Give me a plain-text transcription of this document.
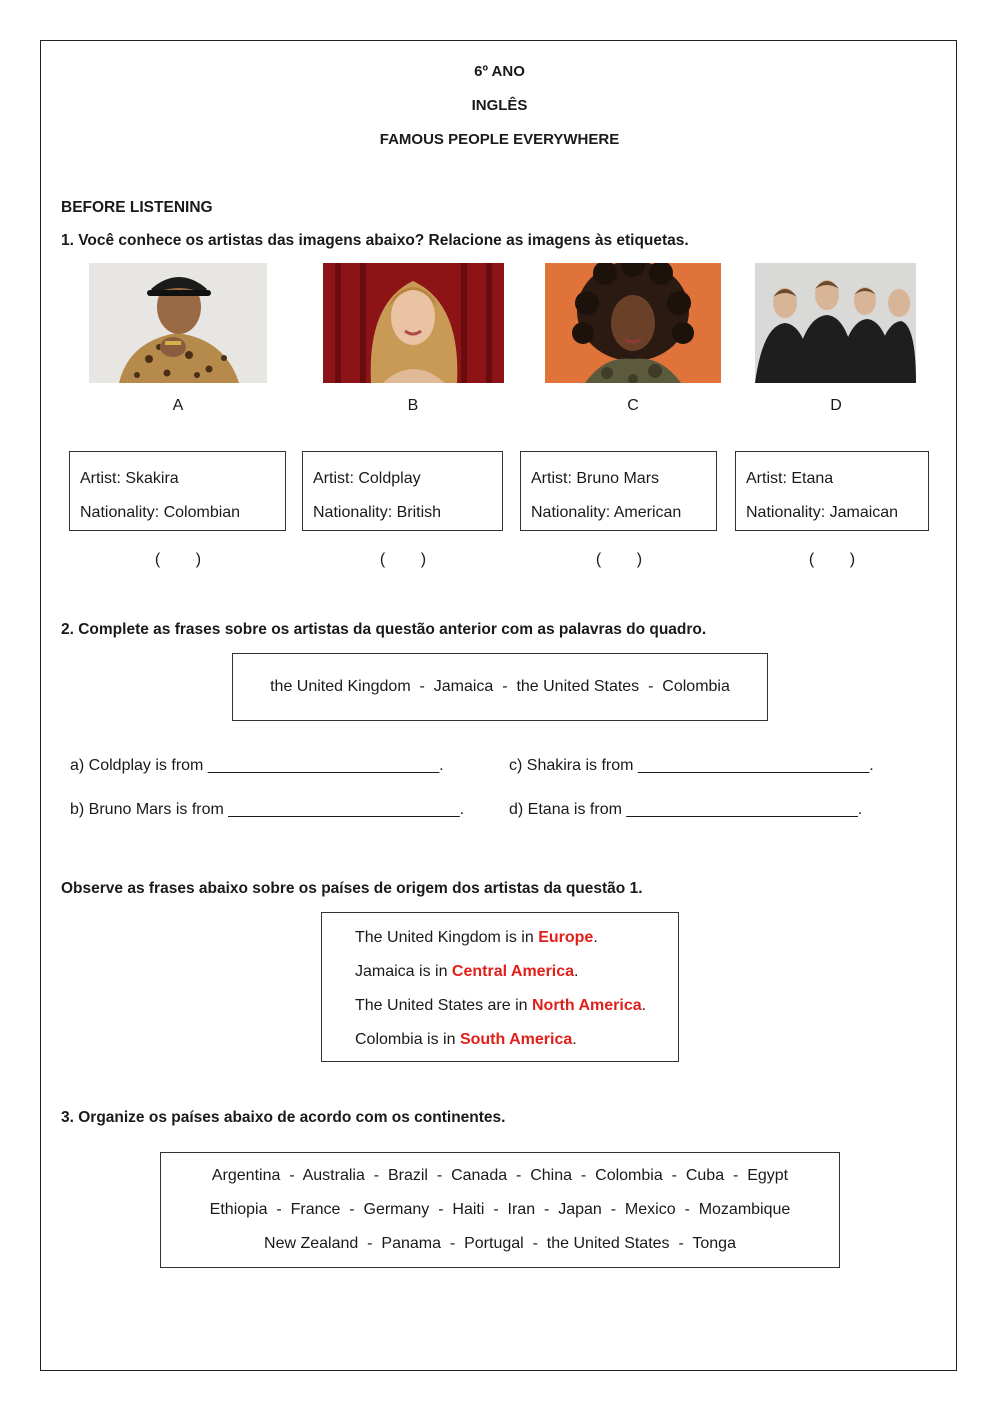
6º ANO
INGLÊS
FAMOUS PEOPLE EVERYWHERE
BEFORE LISTENING
1. Você conhece os artistas das imagens abaixo? Relacione as imagens às etiquetas.
A	B	C	D
Artist: Skakira
Nationality: Colombian
Artist: Coldplay
Nationality: British
Artist: Bruno Mars
Nationality: American
Artist: Etana
Nationality: Jamaican
(        )	(        )	(        )	(        )
2. Complete as frases sobre os artistas da questão anterior com as palavras do quadro.
the United Kingdom  -  Jamaica  -  the United States  -  Colombia
a) Coldplay is from __________________________.
b) Bruno Mars is from __________________________.
c) Shakira is from __________________________.
d) Etana is from __________________________.
Observe as frases abaixo sobre os países de origem dos artistas da questão 1.
The United Kingdom is in Europe.
Jamaica is in Central America.
The United States are in North America.
Colombia is in South America.
3. Organize os países abaixo de acordo com os continentes.
Argentina  -  Australia  -  Brazil  -  Canada  -  China  -  Colombia  -  Cuba  -  Egypt
Ethiopia  -  France  -  Germany  -  Haiti  -  Iran  -  Japan  -  Mexico  -  Mozambique
New Zealand  -  Panama  -  Portugal  -  the United States  -  Tonga
